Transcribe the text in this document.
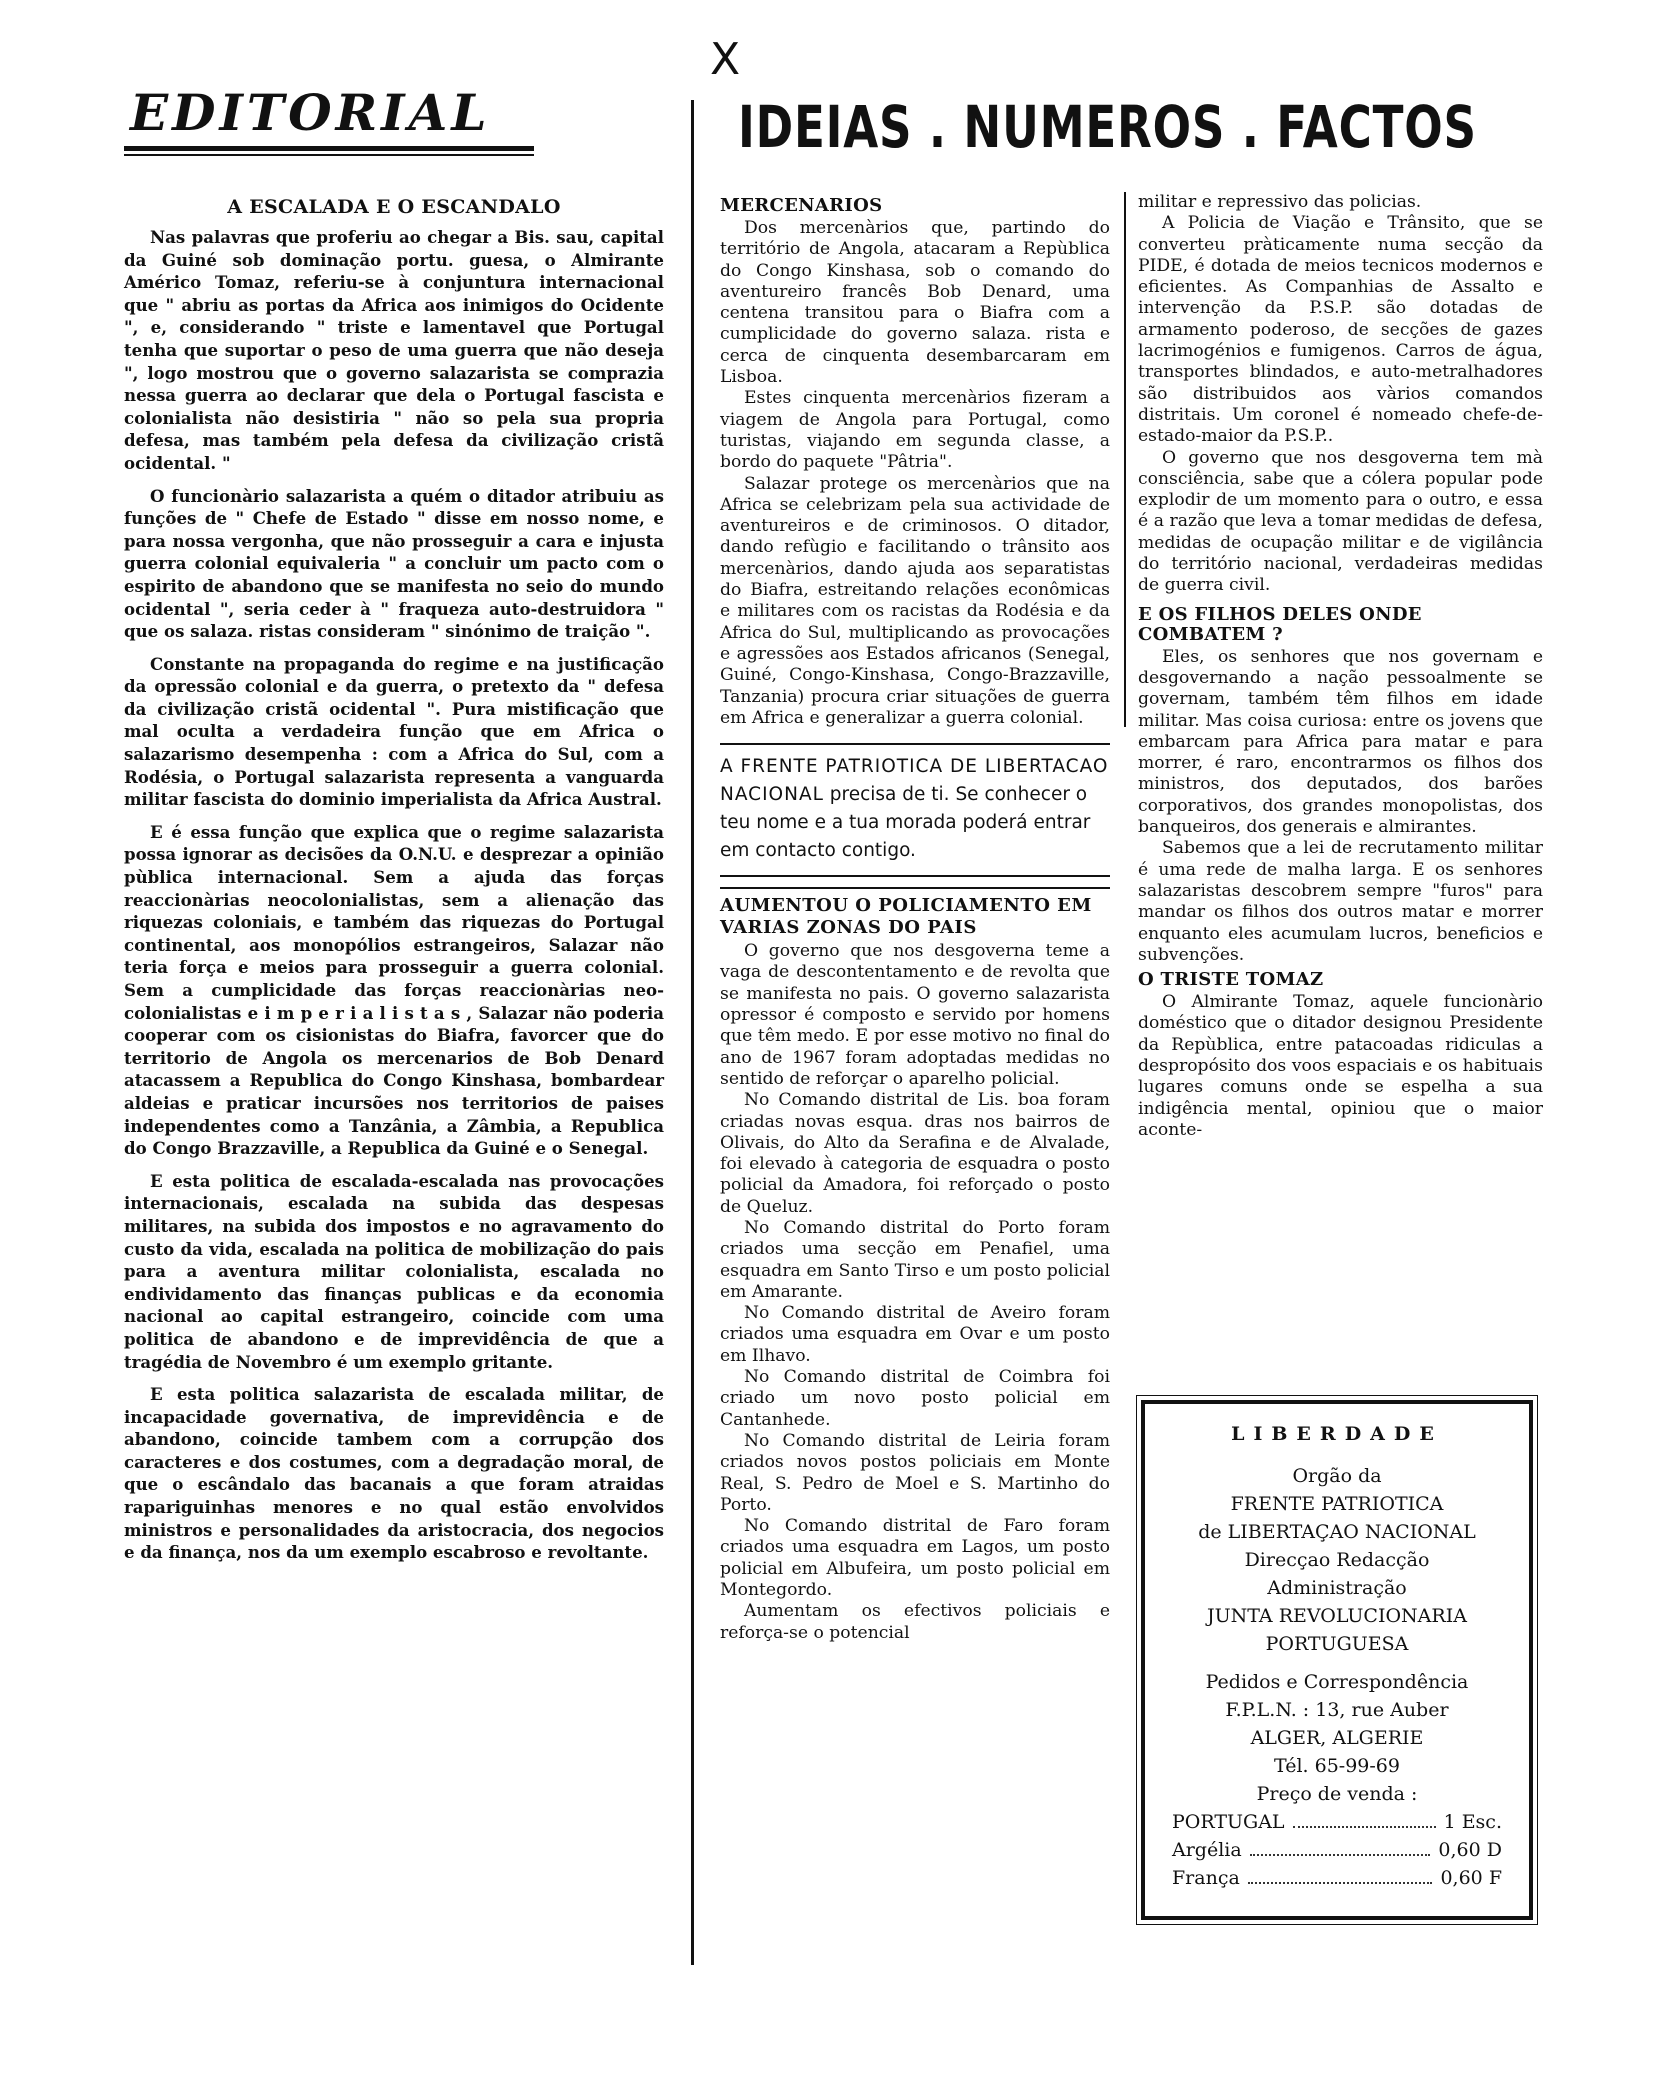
X
EDITORIAL
A ESCALADA E O ESCANDALO

Nas palavras que proferiu ao chegar a Bis. sau, capital da Guiné sob dominação portu. guesa, o Almirante Américo Tomaz, referiu-se à conjuntura internacional que " abriu as portas da Africa aos inimigos do Ocidente ", e, considerando " triste e lamentavel que Portugal tenha que suportar o peso de uma guerra que não deseja ", logo mostrou que o governo salazarista se comprazia nessa guerra ao declarar que dela o Portugal fascista e colonialista não desistiria " não so pela sua propria defesa, mas também pela defesa da civilização cristã ocidental. "

O funcionàrio salazarista a quém o ditador atribuiu as funções de " Chefe de Estado " disse em nosso nome, e para nossa vergonha, que não prosseguir a cara e injusta guerra colonial equivaleria " a concluir um pacto com o espirito de abandono que se manifesta no seio do mundo ocidental ", seria ceder à " fraqueza auto-destruidora " que os salaza. ristas consideram " sinónimo de traição ".

Constante na propaganda do regime e na justificação da opressão colonial e da guerra, o pretexto da " defesa da civilização cristã ocidental ". Pura mistificação que mal oculta a verdadeira função que em Africa o salazarismo desempenha : com a Africa do Sul, com a Rodésia, o Portugal salazarista representa a vanguarda militar fascista do dominio imperialista da Africa Austral.

E é essa função que explica que o regime salazarista possa ignorar as decisões da O.N.U. e desprezar a opinião pùblica internacional. Sem a ajuda das forças reaccionàrias neocolonialistas, sem a alienação das riquezas coloniais, e também das riquezas do Portugal continental, aos monopólios estrangeiros, Salazar não teria força e meios para prosseguir a guerra colonial. Sem a cumplicidade das forças reaccionàrias neo-colonialistas e i m p e r i a l i s t a s , Salazar não poderia cooperar com os cisionistas do Biafra, favorcer que do territorio de Angola os mercenarios de Bob Denard atacassem a Republica do Congo Kinshasa, bombardear aldeias e praticar incursões nos territorios de paises independentes como a Tanzânia, a Zâmbia, a Republica do Congo Brazzaville, a Republica da Guiné e o Senegal.

E esta politica de escalada-escalada nas provocações internacionais, escalada na subida das despesas militares, na subida dos impostos e no agravamento do custo da vida, escalada na politica de mobilização do pais para a aventura militar colonialista, escalada no endividamento das finanças publicas e da economia nacional ao capital estrangeiro, coincide com uma politica de abandono e de imprevidência de que a tragédia de Novembro é um exemplo gritante.

E esta politica salazarista de escalada militar, de incapacidade governativa, de imprevidência e de abandono, coincide tambem com a corrupção dos caracteres e dos costumes, com a degradação moral, de que o escândalo das bacanais a que foram atraidas rapariguinhas menores e no qual estão envolvidos ministros e personalidades da aristocracia, dos negocios e da finança, nos da um exemplo escabroso e revoltante.

IDEIAS . NUMEROS . FACTOS
MERCENARIOS

Dos mercenàrios que, partindo do território de Angola, atacaram a Repùblica do Congo Kinshasa, sob o comando do aventureiro francês Bob Denard, uma centena transitou para o Biafra com a cumplicidade do governo salaza. rista e cerca de cinquenta desembarcaram em Lisboa.

Estes cinquenta mercenàrios fizeram a viagem de Angola para Portugal, como turistas, viajando em segunda classe, a bordo do paquete "Pâtria".

Salazar protege os mercenàrios que na Africa se celebrizam pela sua actividade de aventureiros e de criminosos. O ditador, dando refùgio e facilitando o trânsito aos mercenàrios, dando ajuda aos separatistas do Biafra, estreitando relações econômicas e militares com os racistas da Rodésia e da Africa do Sul, multiplicando as provocações e agressões aos Estados africanos (Senegal, Guiné, Congo-Kinshasa, Congo-Brazzaville, Tanzania) procura criar situações de guerra em Africa e generalizar a guerra colonial.

A FRENTE PATRIOTICA DE LIBERTACAO NACIONAL precisa de ti. Se conhecer o teu nome e a tua morada poderá entrar em contacto contigo.
AUMENTOU O POLICIAMENTO EM VARIAS ZONAS DO PAIS

O governo que nos desgoverna teme a vaga de descontentamento e de revolta que se manifesta no pais. O governo salazarista opressor é composto e servido por homens que têm medo. E por esse motivo no final do ano de 1967 foram adoptadas medidas no sentido de reforçar o aparelho policial.

No Comando distrital de Lis. boa foram criadas novas esqua. dras nos bairros de Olivais, do Alto da Serafina e de Alvalade, foi elevado à categoria de esquadra o posto policial da Amadora, foi reforçado o posto de Queluz.

No Comando distrital do Porto foram criados uma secção em Penafiel, uma esquadra em Santo Tirso e um posto policial em Amarante.

No Comando distrital de Aveiro foram criados uma esquadra em Ovar e um posto em Ilhavo.

No Comando distrital de Coimbra foi criado um novo posto policial em Cantanhede.

No Comando distrital de Leiria foram criados novos postos policiais em Monte Real, S. Pedro de Moel e S. Martinho do Porto.

No Comando distrital de Faro foram criados uma esquadra em Lagos, um posto policial em Albufeira, um posto policial em Montegordo.

Aumentam os efectivos policiais e reforça-se o potencial

militar e repressivo das policias.

A Policia de Viação e Trânsito, que se converteu pràticamente numa secção da PIDE, é dotada de meios tecnicos modernos e eficientes. As Companhias de Assalto e intervenção da P.S.P. são dotadas de armamento poderoso, de secções de gazes lacrimogénios e fumigenos. Carros de água, transportes blindados, e auto-metralhadores são distribuidos aos vàrios comandos distritais. Um coronel é nomeado chefe-de-estado-maior da P.S.P..

O governo que nos desgoverna tem mà consciência, sabe que a cólera popular pode explodir de um momento para o outro, e essa é a razão que leva a tomar medidas de defesa, medidas de ocupação militar e de vigilância do território nacional, verdadeiras medidas de guerra civil.

E OS FILHOS DELES ONDE COMBATEM ?

Eles, os senhores que nos governam e desgovernando a nação pessoalmente se governam, também têm filhos em idade militar. Mas coisa curiosa: entre os jovens que embarcam para Africa para matar e para morrer, é raro, encontrarmos os filhos dos ministros, dos deputados, dos barões corporativos, dos grandes monopolistas, dos banqueiros, dos generais e almirantes.

Sabemos que a lei de recrutamento militar é uma rede de malha larga. E os senhores salazaristas descobrem sempre "furos" para mandar os filhos dos outros matar e morrer enquanto eles acumulam lucros, beneficios e subvenções.

O TRISTE TOMAZ

O Almirante Tomaz, aquele funcionàrio doméstico que o ditador designou Presidente da Repùblica, entre patacoadas ridiculas a despropósito dos voos espaciais e os habituais lugares comuns onde se espelha a sua indigência mental, opiniou que o maior aconte-

LIBERDADE
Orgão da
FRENTE PATRIOTICA
de LIBERTAÇAO NACIONAL
Direcçao Redacção
Administração
JUNTA REVOLUCIONARIA
PORTUGUESA
Pedidos e Correspondência
F.P.L.N. : 13, rue Auber
ALGER, ALGERIE
Tél. 65-99-69
Preço de venda :
PORTUGAL	1 Esc.
Argélia	0,60 D
França	0,60 F
